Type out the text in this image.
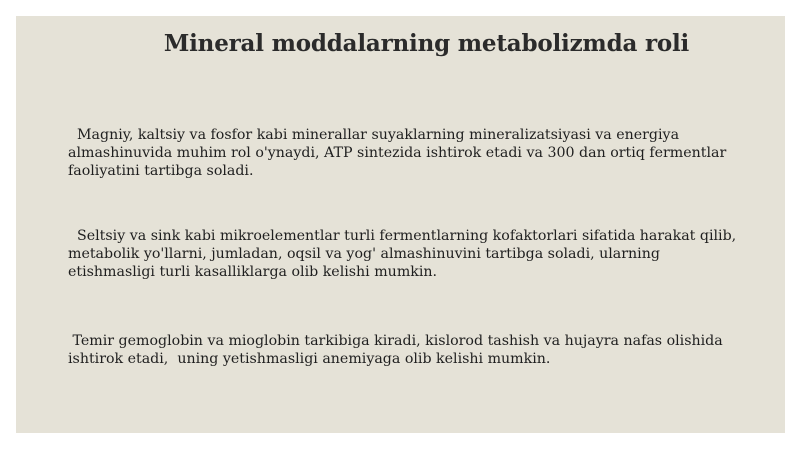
Mineral moddalarning metabolizmda roli

Magniy, kaltsiy va fosfor kabi minerallar suyaklarning mineralizatsiyasi va energiya
almashinuvida muhim rol o'ynaydi, ATP sintezida ishtirok etadi va 300 dan ortiq fermentlar
faoliyatini tartibga soladi.

Seltsiy va sink kabi mikroelementlar turli fermentlarning kofaktorlari sifatida harakat qilib,
metabolik yo'llarni, jumladan, oqsil va yog' almashinuvini tartibga soladi, ularning
etishmasligi turli kasalliklarga olib kelishi mumkin.

Temir gemoglobin va mioglobin tarkibiga kiradi, kislorod tashish va hujayra nafas olishida
ishtirok etadi,  uning yetishmasligi anemiyaga olib kelishi mumkin.
